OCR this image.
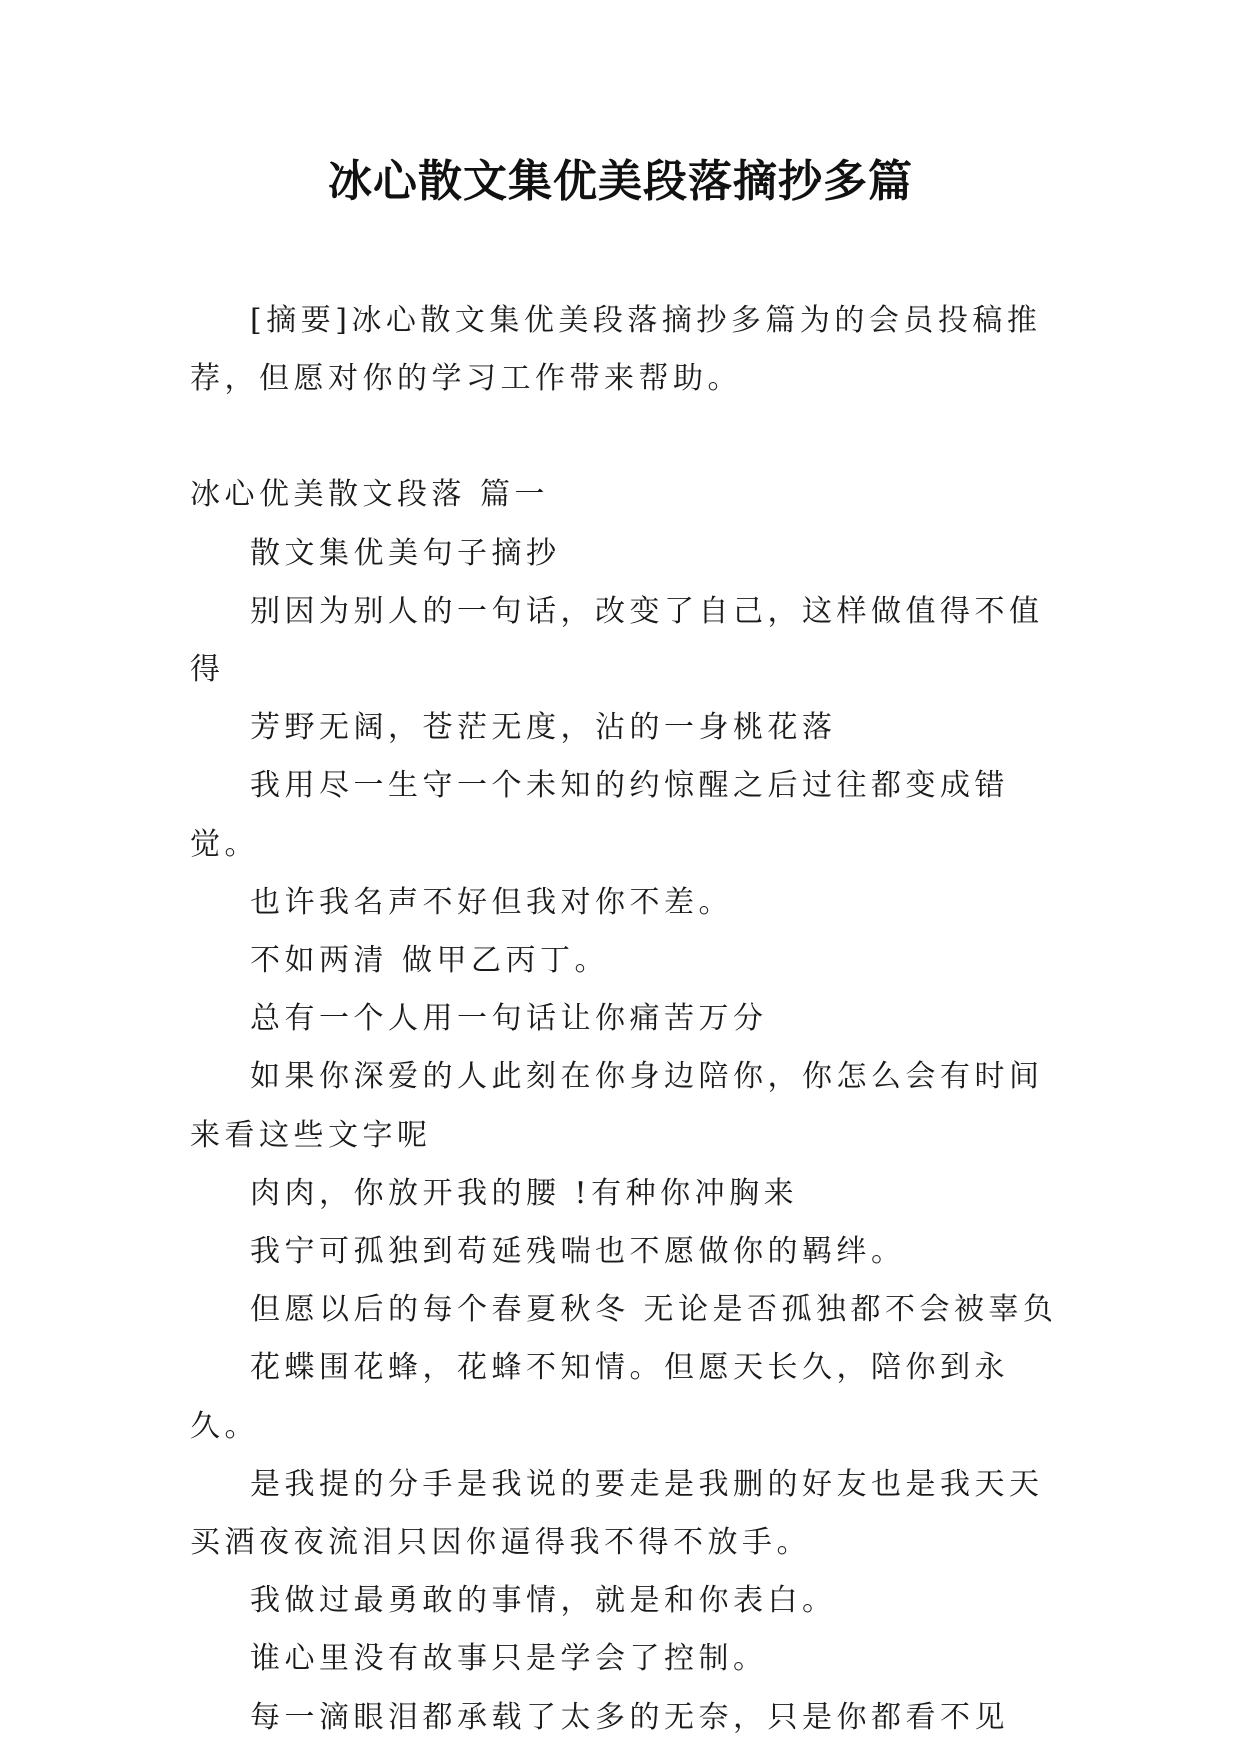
冰心散文集优美段落摘抄多篇

[摘要]冰心散文集优美段落摘抄多篇为的会员投稿推荐，但愿对你的学习工作带来帮助。

冰心优美散文段落 篇一

散文集优美句子摘抄

别因为别人的一句话，改变了自己，这样做值得不值得

芳野无阔，苍茫无度，沾的一身桃花落

我用尽一生守一个未知的约惊醒之后过往都变成错觉。

也许我名声不好但我对你不差。

不如两清 做甲乙丙丁。

总有一个人用一句话让你痛苦万分

如果你深爱的人此刻在你身边陪你，你怎么会有时间来看这些文字呢

肉肉，你放开我的腰 !有种你冲胸来

我宁可孤独到苟延残喘也不愿做你的羁绊。

但愿以后的每个春夏秋冬 无论是否孤独都不会被辜负

花蝶围花蜂，花蜂不知情。但愿天长久，陪你到永久。

是我提的分手是我说的要走是我删的好友也是我天天买酒夜夜流泪只因你逼得我不得不放手。

我做过最勇敢的事情，就是和你表白。

谁心里没有故事只是学会了控制。

每一滴眼泪都承载了太多的无奈，只是你都看不见
